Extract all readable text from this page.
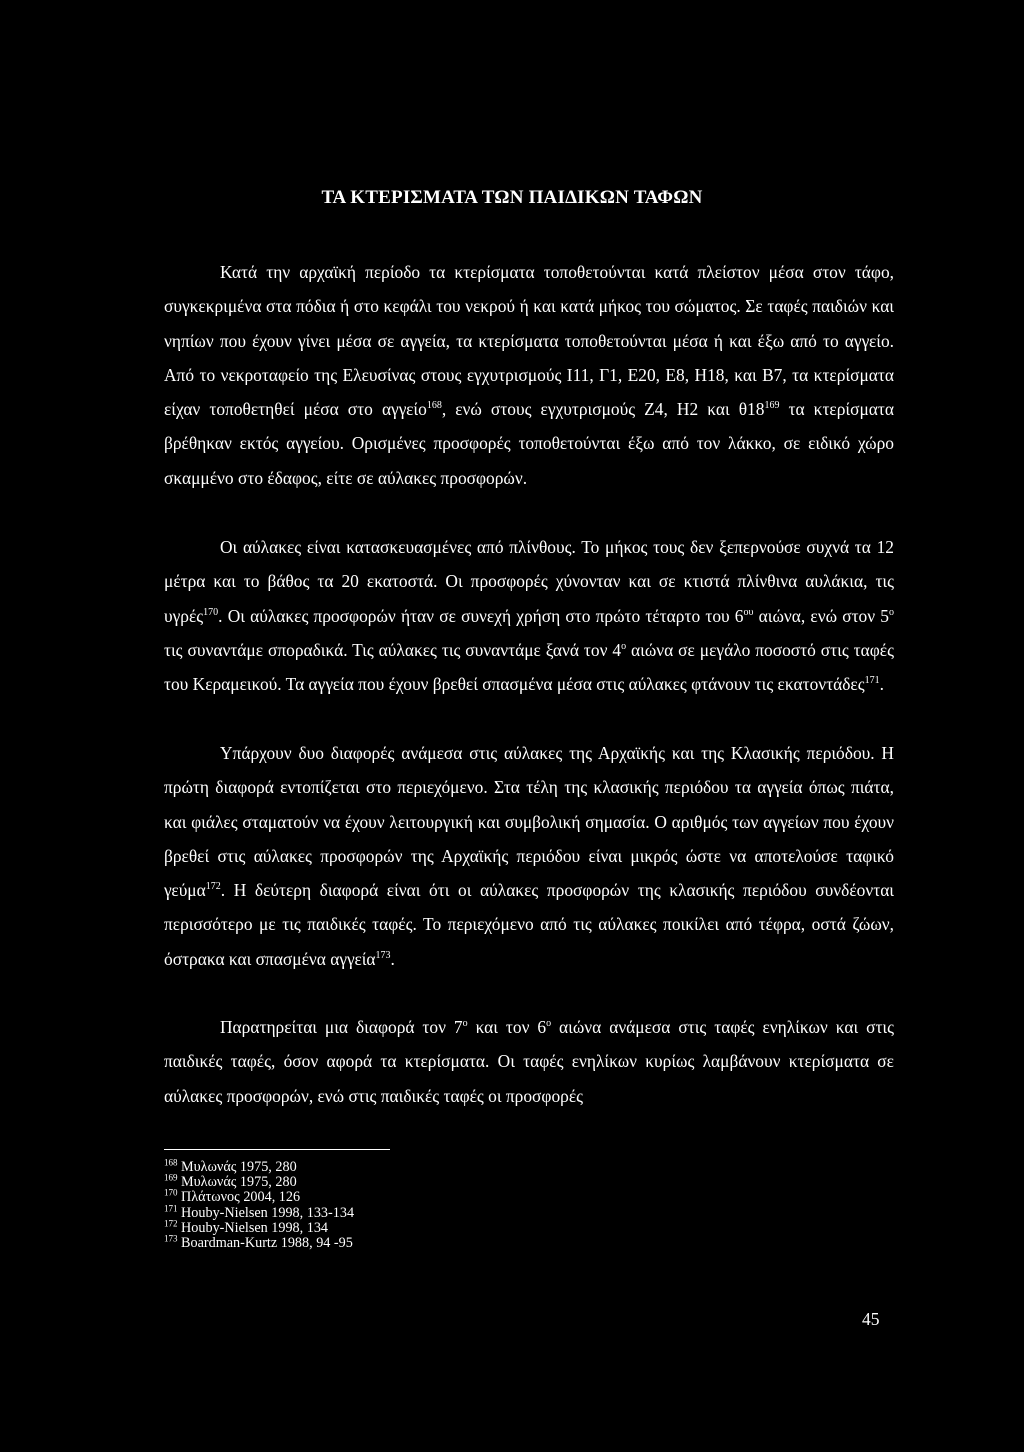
ΤΑ ΚΤΕΡΙΣΜΑΤΑ ΤΩΝ ΠΑΙΔΙΚΩΝ ΤΑΦΩΝ

Κατά την αρχαϊκή περίοδο τα κτερίσματα τοποθετούνται κατά πλείστον μέσα στον τάφο, συγκεκριμένα στα πόδια ή στο κεφάλι του νεκρού ή και κατά μήκος του σώματος. Σε ταφές παιδιών και νηπίων που έχουν γίνει μέσα σε αγγεία, τα κτερίσματα τοποθετούνται μέσα ή και έξω από το αγγείο. Από το νεκροταφείο της Ελευσίνας στους εγχυτρισμούς Ι11, Γ1, Ε20, Ε8, Η18, και Β7, τα κτερίσματα είχαν τοποθετηθεί μέσα στο αγγείο$^{168}$, ενώ στους εγχυτρισμούς Ζ4, Η2 και $\theta 18^{169}$ τα κτερίσματα βρέθηκαν εκτός αγγείου. Ορισμένες προσφορές τοποθετούνται έξω από τον λάκκο, σε ειδικό χώρο σκαμμένο στο έδαφος, είτε σε αύλακες προσφορών.

Οι αύλακες είναι κατασκευασμένες από πλίνθους. Το μήκος τους δεν ξεπερνούσε συχνά τα 12 μέτρα και το βάθος τα 20 εκατοστά. Οι προσφορές χύνονταν και σε κτιστά πλίνθινα αυλάκια, τις υγρές$^{170}$. Οι αύλακες προσφορών ήταν σε συνεχή χρήση στο πρώτο τέταρτο του $6^{o\upsilon}$ αιώνα, ενώ στον $5^o$ τις συναντάμε σποραδικά. Τις αύλακες τις συναντάμε ξανά τον $4^o$ αιώνα σε μεγάλο ποσοστό στις ταφές του Κεραμεικού. Τα αγγεία που έχουν βρεθεί σπασμένα μέσα στις αύλακες φτάνουν τις εκατοντάδες$^{171}$.

Υπάρχουν δυο διαφορές ανάμεσα στις αύλακες της Αρχαϊκής και της Κλασικής περιόδου. Η πρώτη διαφορά εντοπίζεται στο περιεχόμενο. Στα τέλη της κλασικής περιόδου τα αγγεία όπως πιάτα, και φιάλες σταματούν να έχουν λειτουργική και συμβολική σημασία. Ο αριθμός των αγγείων που έχουν βρεθεί στις αύλακες προσφορών της Αρχαϊκής περιόδου είναι μικρός ώστε να αποτελούσε ταφικό γεύμα$^{172}$. Η δεύτερη διαφορά είναι ότι οι αύλακες προσφορών της κλασικής περιόδου συνδέονται περισσότερο με τις παιδικές ταφές. Το περιεχόμενο από τις αύλακες ποικίλει από τέφρα, οστά ζώων, όστρακα και σπασμένα αγγεία$^{173}$.

Παρατηρείται μια διαφορά τον $7^o$ και τον $6^o$ αιώνα ανάμεσα στις ταφές ενηλίκων και στις παιδικές ταφές, όσον αφορά τα κτερίσματα. Οι ταφές ενηλίκων κυρίως λαμβάνουν κτερίσματα σε αύλακες προσφορών, ενώ στις παιδικές ταφές οι προσφορές

$^{168}$ Μυλωνάς 1975, 280
$^{169}$ Μυλωνάς 1975, 280
$^{170}$ Πλάτωνος 2004, 126
$^{171}$ Houby-Nielsen 1998, 133-134
$^{172}$ Houby-Nielsen 1998, 134
$^{173}$ Boardman-Kurtz 1988, 94 -95
45
